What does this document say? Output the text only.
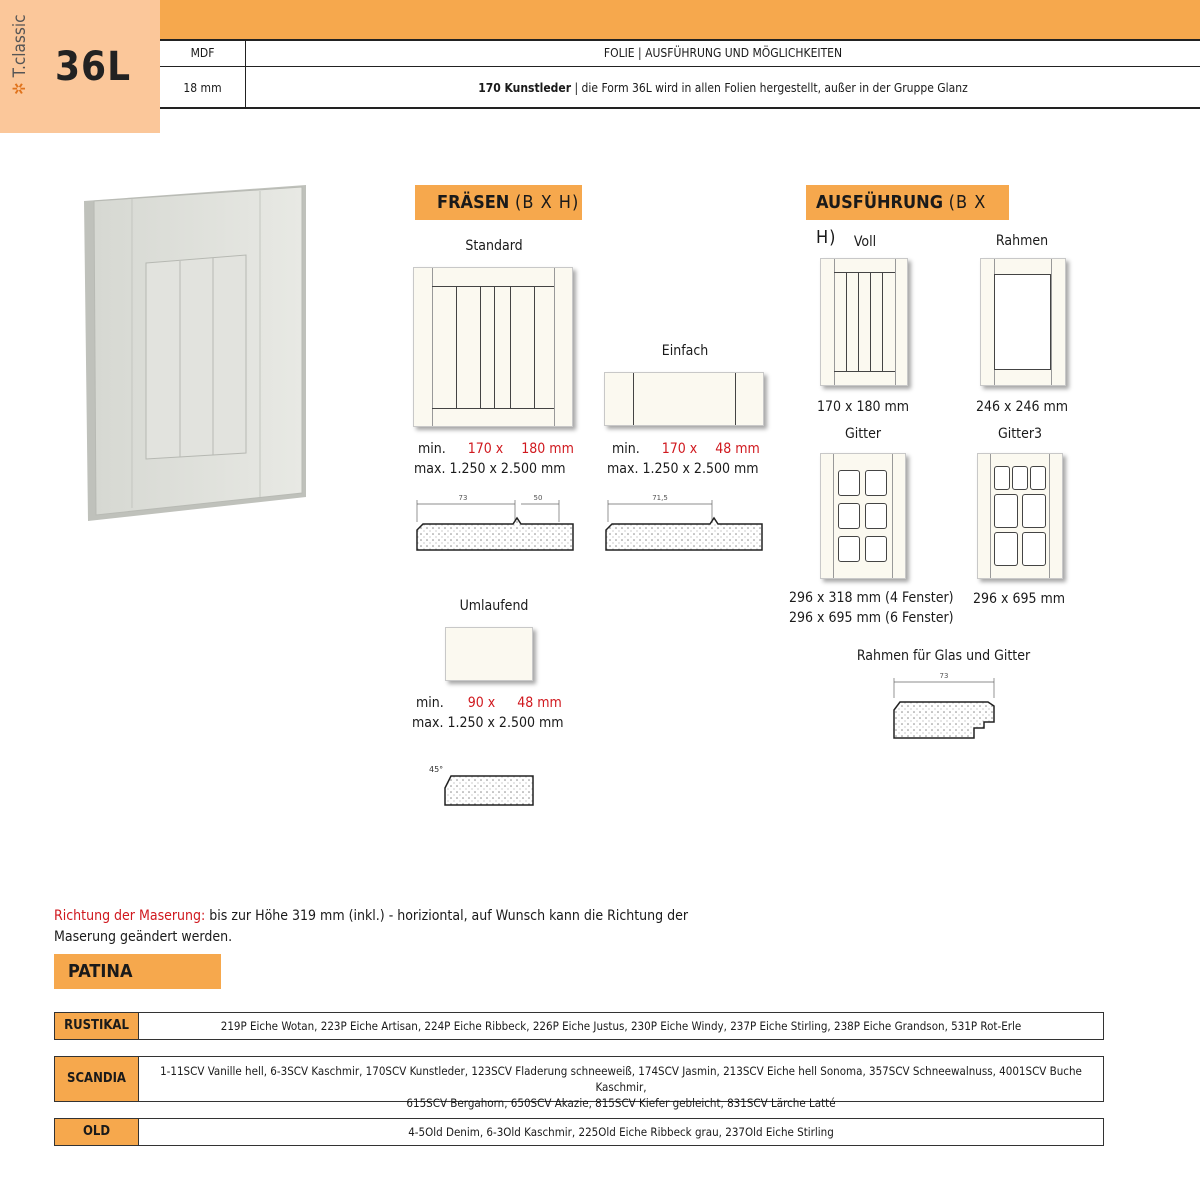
✲ T.classic 36L	MDF	FOLIE | AUSFÜHRUNG UND MÖGLICHKEITEN
18 mm	170 Kunstleder | die Form 36L wird in allen Folien hergestellt, außer in der Gruppe Glanz
FRÄSEN (B X H)
Standard
min. 170 x 180 mm
max. 1.250 x 2.500 mm
73	50
Einfach
min. 170 x 48 mm
max. 1.250 x 2.500 mm
71,5
Umlaufend
min. 90 x 48 mm
max. 1.250 x 2.500 mm
45°
AUSFÜHRUNG (B X H)	Voll
170 x 180 mm
Rahmen
246 x 246 mm
Gitter
296 x 318 mm (4 Fenster)
296 x 695 mm (6 Fenster)
Gitter3
296 x 695 mm
Rahmen für Glas und Gitter
73
Richtung der Maserung: bis zur Höhe 319 mm (inkl.) - horiziontal, auf Wunsch kann die Richtung der
Maserung geändert werden.
PATINA
RUSTIKAL	219P Eiche Wotan, 223P Eiche Artisan, 224P Eiche Ribbeck, 226P Eiche Justus, 230P Eiche Windy, 237P Eiche Stirling, 238P Eiche Grandson, 531P Rot-Erle
SCANDIA	1-11SCV Vanille hell, 6-3SCV Kaschmir, 170SCV Kunstleder, 123SCV Fladerung schneeweiß, 174SCV Jasmin, 213SCV Eiche hell Sonoma, 357SCV Schneewalnuss, 4001SCV Buche Kaschmir,
615SCV Bergahorn, 650SCV Akazie, 815SCV Kiefer gebleicht, 831SCV Lärche Latté
OLD	4-5Old Denim, 6-3Old Kaschmir, 225Old Eiche Ribbeck grau, 237Old Eiche Stirling
